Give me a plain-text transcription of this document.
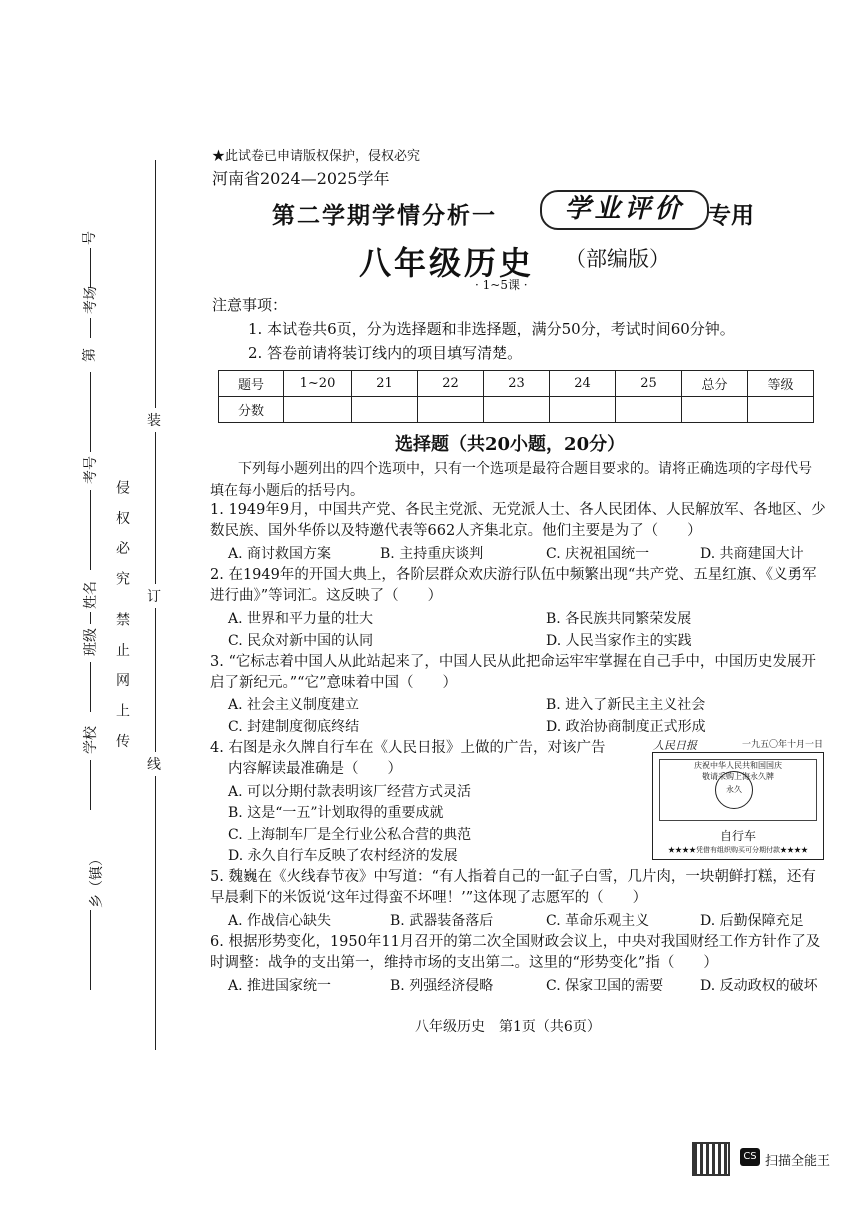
号
考场
第
考号
姓名
班级
学校
乡（镇）
侵 权 必 究
禁 止 网 上 传
装
订
线
★此试卷已申请版权保护，侵权必究
河南省2024—2025学年
第二学期学情分析一	学业评价	专用
八年级历史 （部编版）
· 1~5课 ·
注意事项：
1. 本试卷共6页，分为选择题和非选择题，满分50分，考试时间60分钟。
2. 答卷前请将装订线内的项目填写清楚。
题号	1~20	21	22	23	24	25	总分	等级
分数								
选择题（共20小题，20分）
下列每小题列出的四个选项中，只有一个选项是最符合题目要求的。请将正确选项的字母代号填在每小题后的括号内。
1. 1949年9月，中国共产党、各民主党派、无党派人士、各人民团体、人民解放军、各地区、少数民族、国外华侨以及特邀代表等662人齐集北京。他们主要是为了（　　）
A. 商讨救国方案	B. 主持重庆谈判	C. 庆祝祖国统一	D. 共商建国大计
2. 在1949年的开国大典上，各阶层群众欢庆游行队伍中频繁出现“共产党、五星红旗、《义勇军进行曲》”等词汇。这反映了（　　）
A. 世界和平力量的壮大	B. 各民族共同繁荣发展
C. 民众对新中国的认同	D. 人民当家作主的实践
3. “它标志着中国人从此站起来了，中国人民从此把命运牢牢掌握在自己手中，中国历史发展开启了新纪元。”“它”意味着中国（　　）
A. 社会主义制度建立	B. 进入了新民主主义社会
C. 封建制度彻底终结	D. 政治协商制度正式形成
4. 右图是永久牌自行车在《人民日报》上做的广告，对该广告
内容解读最准确是（　　）
A. 可以分期付款表明该厂经营方式灵活
B. 这是“一五”计划取得的重要成就
C. 上海制车厂是全行业公私合营的典范
D. 永久自行车反映了农村经济的发展
人民日报	一九五〇年十月一日
庆祝中华人民共和国国庆
敬请采购上海永久牌
永久
自行车
★★★★凭借有组织购买可分期付款★★★★
5. 魏巍在《火线春节夜》中写道：“有人指着自己的一缸子白雪，几片肉，一块朝鲜打糕，还有早晨剩下的米饭说‘这年过得蛮不坏哩！’”这体现了志愿军的（　　）
A. 作战信心缺失	B. 武器装备落后	C. 革命乐观主义	D. 后勤保障充足
6. 根据形势变化，1950年11月召开的第二次全国财政会议上，中央对我国财经工作方针作了及时调整：战争的支出第一，维持市场的支出第二。这里的“形势变化”指（　　）
A. 推进国家统一	B. 列强经济侵略	C. 保家卫国的需要	D. 反动政权的破坏
八年级历史　第1页（共6页）
CS 扫描全能王
